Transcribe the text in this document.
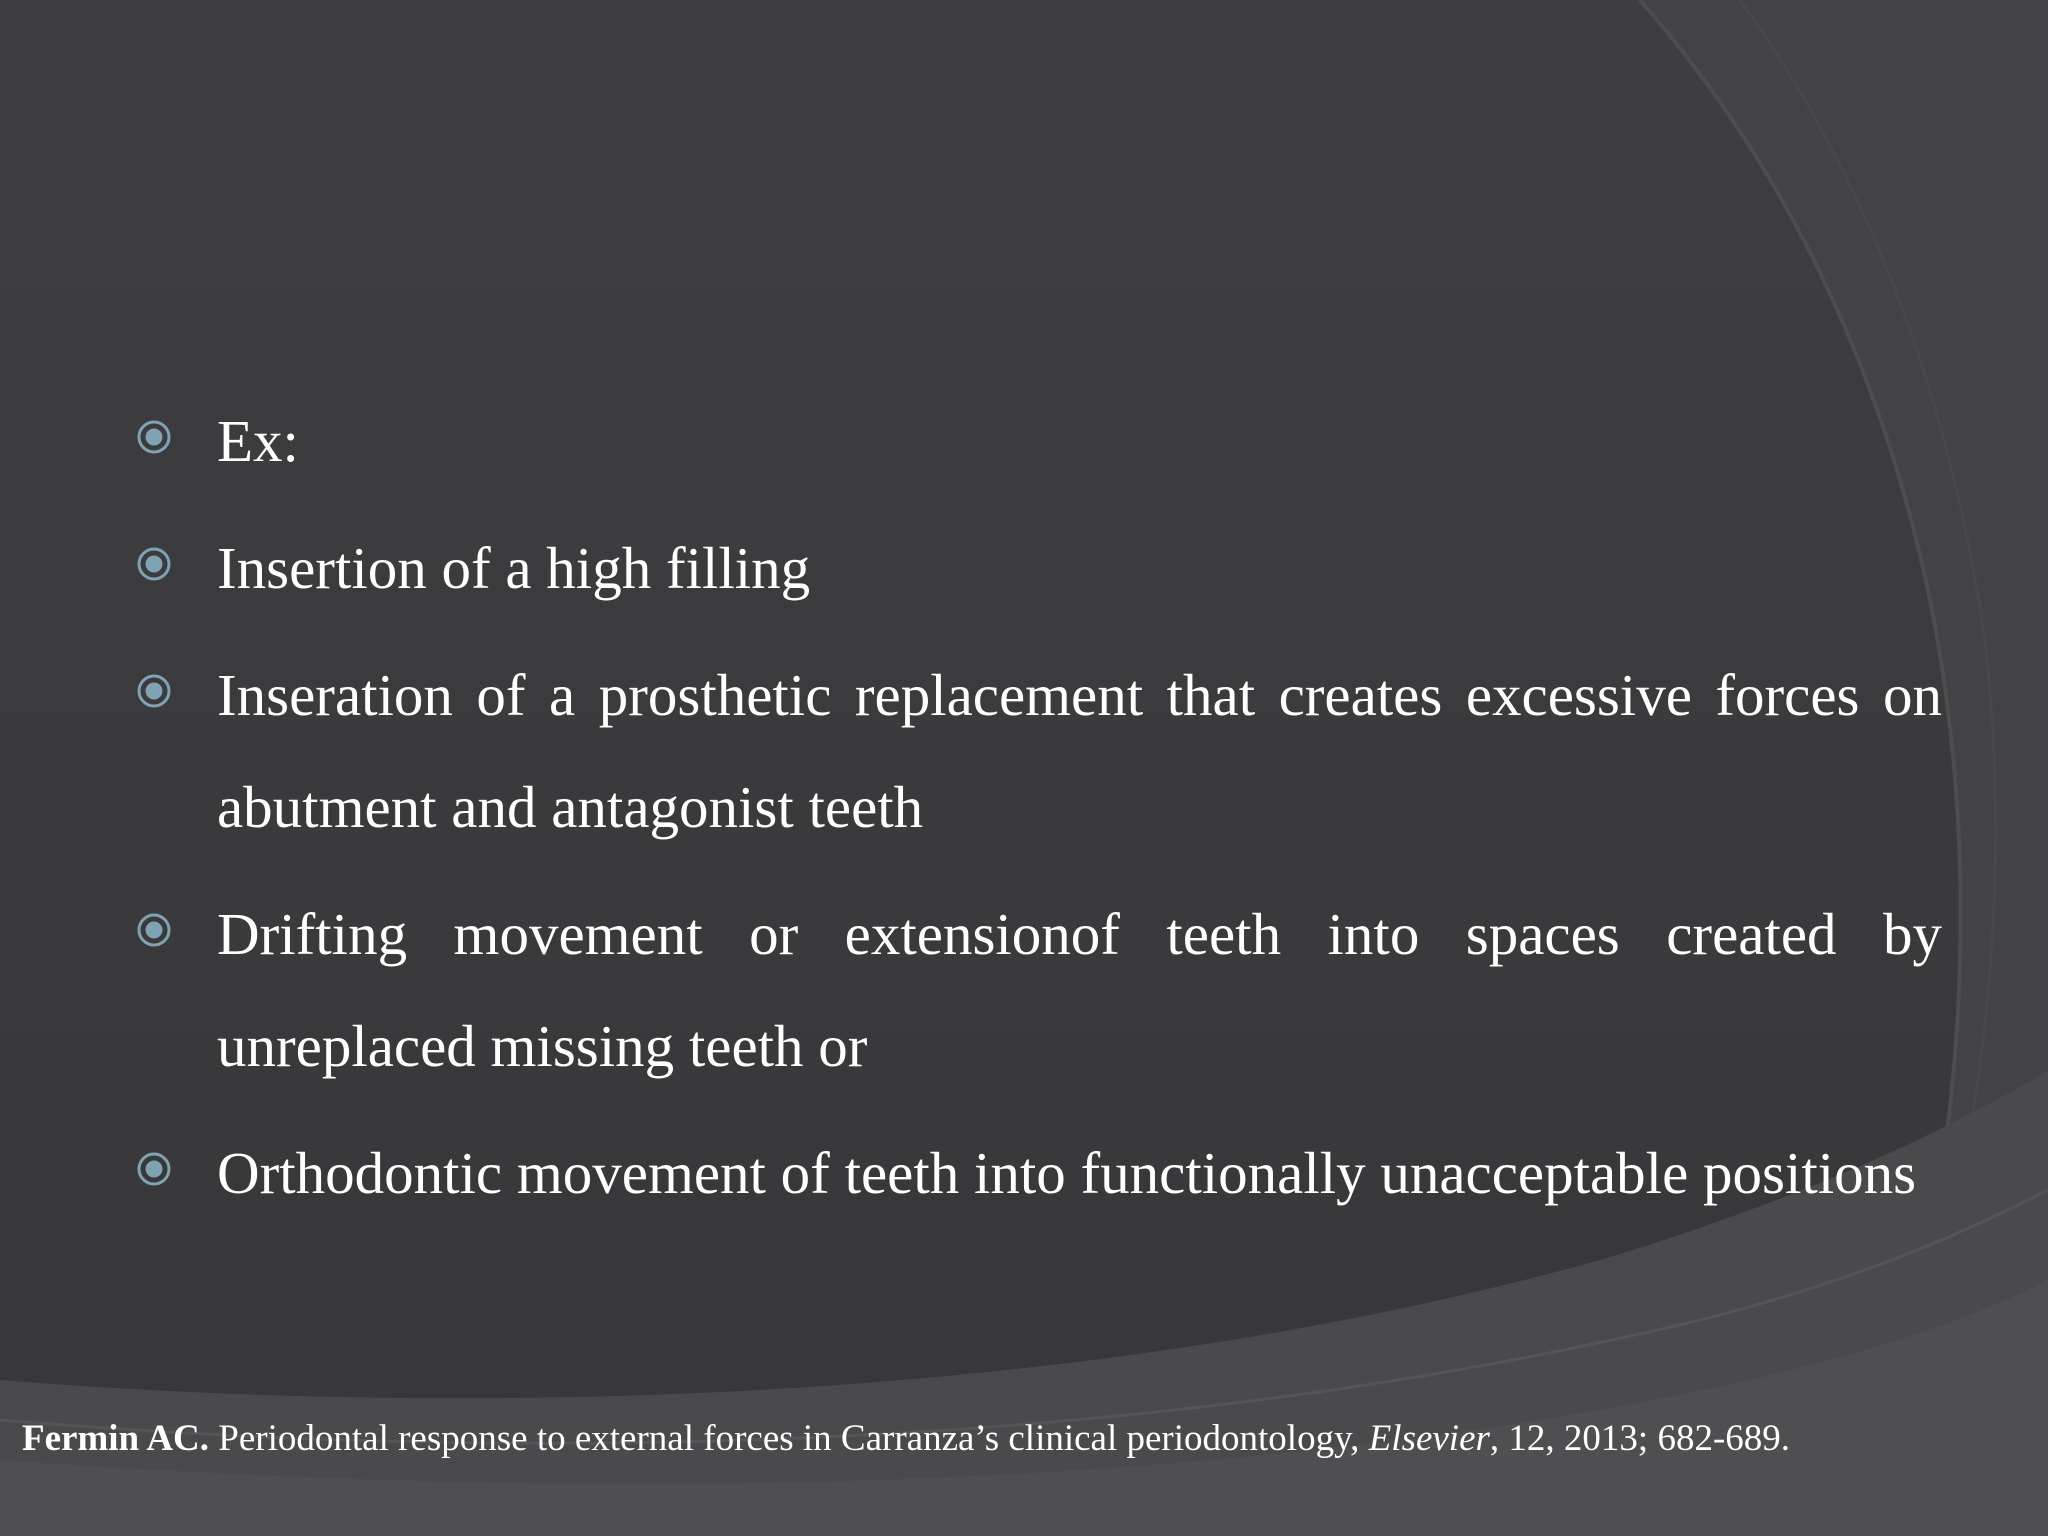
Ex:
Insertion of a high filling
Inseration of a prosthetic replacement that creates excessive forces on abutment and antagonist teeth
Drifting movement or extensionof teeth into spaces created by unreplaced missing teeth or
Orthodontic movement of teeth into functionally unacceptable positions
Fermin AC. Periodontal response to external forces in Carranza’s clinical periodontology, Elsevier, 12, 2013; 682-689.
